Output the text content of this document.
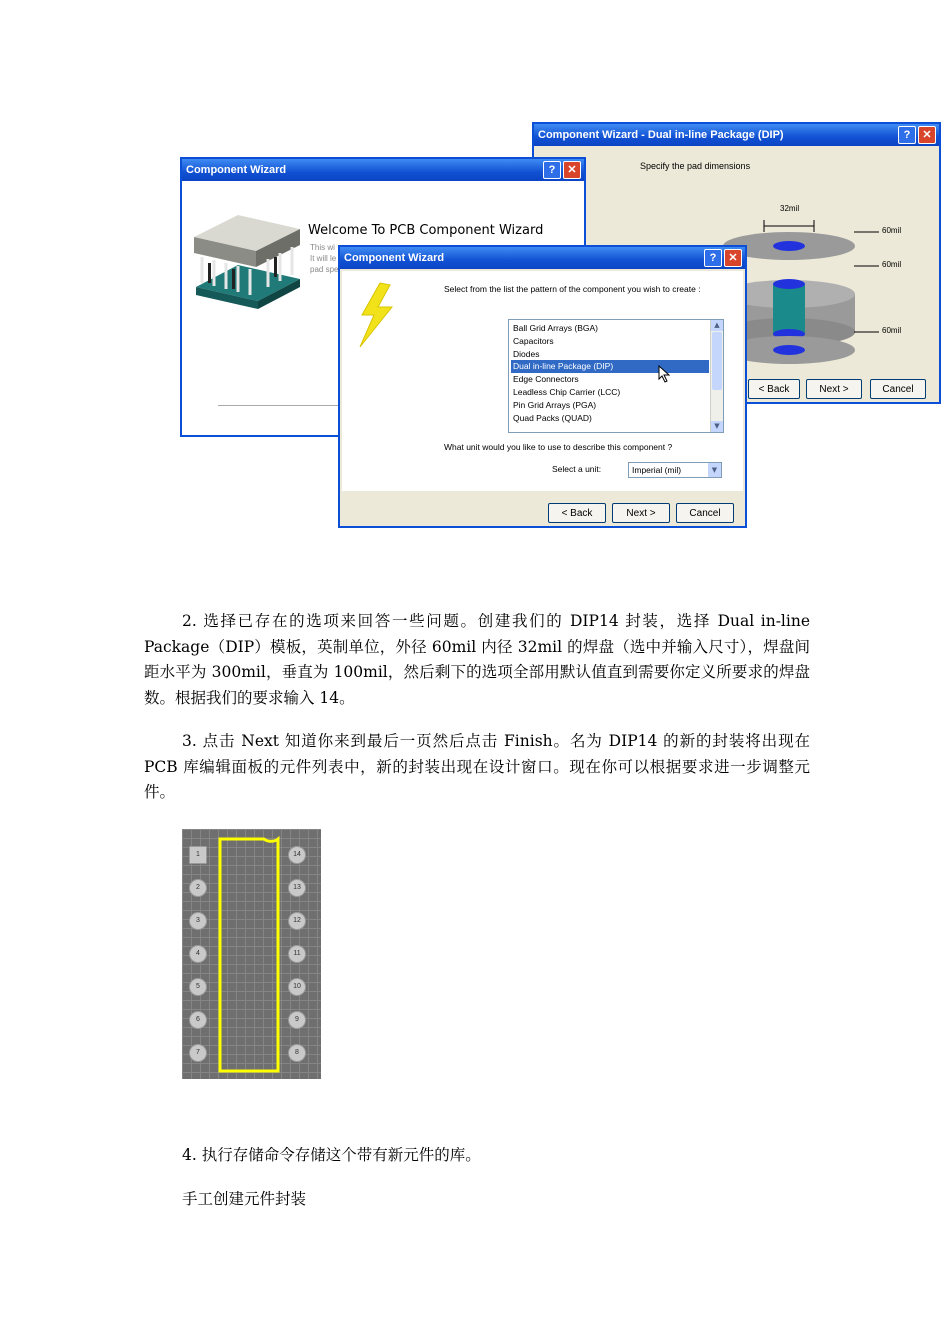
Component Wizard - Dual in-line Package (DIP)	?	✕
Specify the pad dimensions
32mil
60mil
60mil
60mil
< Back	Next >	Cancel
Component Wizard	?	✕
Welcome To PCB Component Wizard
This wi
It will le
pad spe
Component Wizard	?	✕
Select from the list the pattern of the component you wish to create :
Ball Grid Arrays (BGA)
Capacitors
Diodes
Dual in-line Package (DIP)
Edge Connectors
Leadless Chip Carrier (LCC)
Pin Grid Arrays (PGA)
Quad Packs (QUAD)
▲
▼
What unit would you like to use to describe this component ?
Select a unit:	Imperial (mil)	▼
< Back	Next >	Cancel

2. 选择已存在的选项来回答一些问题。创建我们的 DIP14 封装，选择 Dual in-line Package（DIP）模板，英制单位，外径 60mil 内径 32mil 的焊盘（选中并输入尺寸），焊盘间距水平为 300mil，垂直为 100mil，然后剩下的选项全部用默认值直到需要你定义所要求的焊盘数。根据我们的要求输入 14。

3. 点击 Next 知道你来到最后一页然后点击 Finish。名为 DIP14 的新的封装将出现在 PCB 库编辑面板的元件列表中，新的封装出现在设计窗口。现在你可以根据要求进一步调整元件。

1
2
3
4
5
6
7
14
13
12
11
10
9
8

4. 执行存储命令存储这个带有新元件的库。

手工创建元件封装
